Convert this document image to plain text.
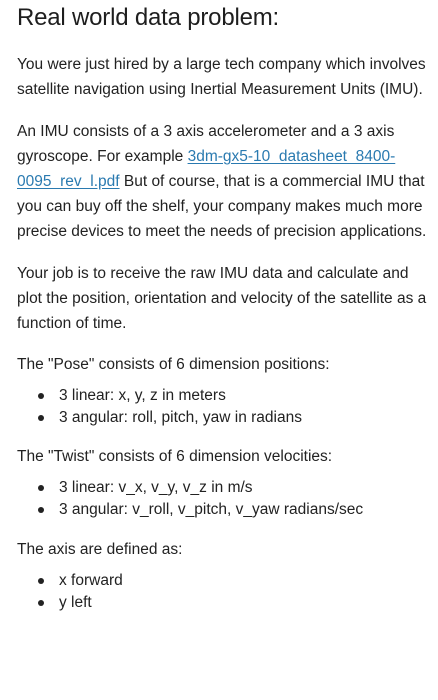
Real world data problem:

You were just hired by a large tech company which involves satellite navigation using Inertial Measurement Units (IMU).

An IMU consists of a 3 axis accelerometer and a 3 axis gyroscope. For example 3dm-gx5-10_datasheet_8400-0095_rev_l.pdf But of course, that is a commercial IMU that you can buy off the shelf, your company makes much more precise devices to meet the needs of precision applications.

Your job is to receive the raw IMU data and calculate and plot the position, orientation and velocity of the satellite as a function of time.

The "Pose" consists of 6 dimension positions:

3 linear: x, y, z in meters
3 angular: roll, pitch, yaw in radians

The "Twist" consists of 6 dimension velocities:

3 linear: v_x, v_y, v_z in m/s
3 angular: v_roll, v_pitch, v_yaw radians/sec

The axis are defined as:

x forward
y left
